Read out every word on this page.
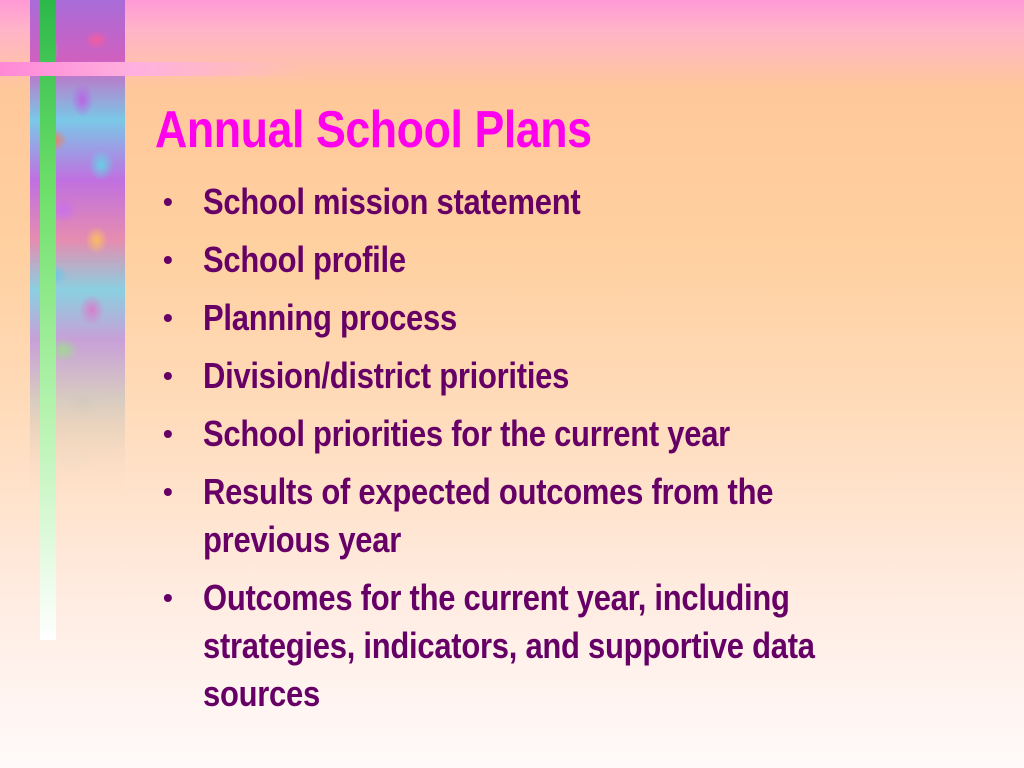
Annual School Plans
• School mission statement
• School profile
• Planning process
• Division/district priorities
• School priorities for the current year
• Results of expected outcomes from the previous year
• Outcomes for the current year, including strategies, indicators, and supportive data sources
